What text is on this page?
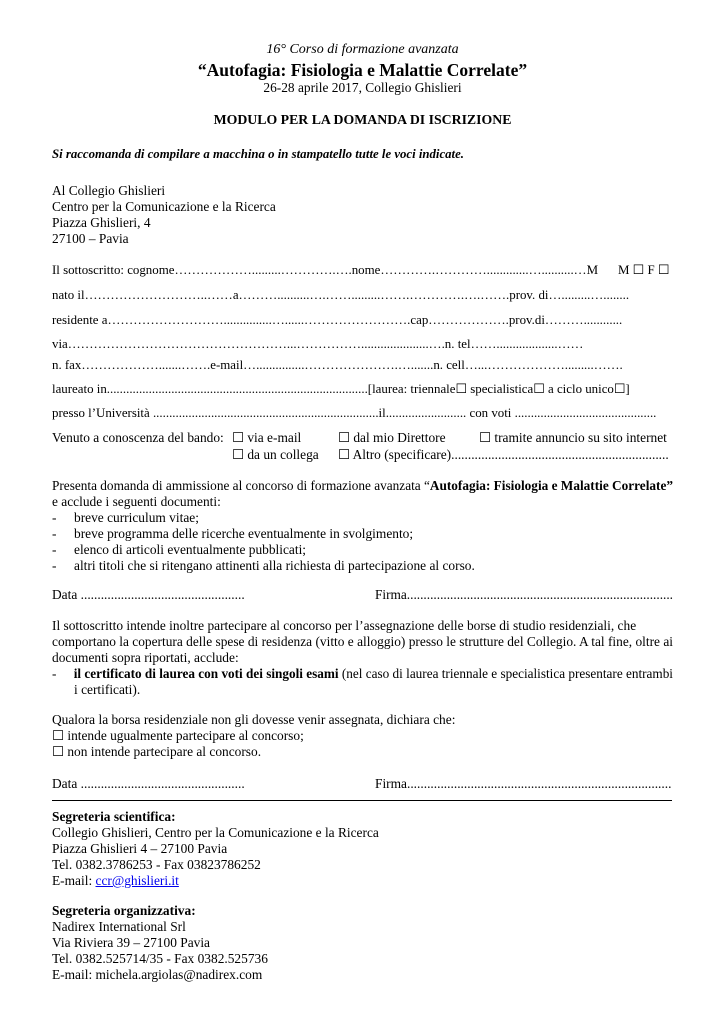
16° Corso di formazione avanzata
“Autofagia: Fisiologia e Malattie Correlate”
26-28 aprile 2017, Collegio Ghislieri
MODULO PER LA DOMANDA DI ISCRIZIONE
Si raccomanda di compilare a macchina o in stampatello tutte le voci indicate.
Al Collegio Ghislieri
Centro per la Comunicazione e la Ricerca
Piazza Ghislieri, 4
27100 – Pavia
Il sottoscritto: cognome……………….........………….….nome………….………….............…..........…M M ☐ F ☐
nato il………………………..……a………..........….…….........…….………….….…….prov. di….........…........
residente a………………………...............…......…………………….cap……………….prov.di………............
via……………………………………………...…………….....................….n. tel……...................……
n. fax……………….......…….e-mail…...............………………….….......n. cell…...……………….........…….
laureato in.................................................................................[laurea: triennale☐ specialistica☐ a ciclo unico☐]
presso l’Università ......................................................................il......................... con voti ............................................
Venuto a conoscenza del bando: ☐ via e-mail	☐ dal mio Direttore ☐ tramite annuncio su sito internet
☐ da un collega ☐ Altro (specificare).................................................................
Presenta domanda di ammissione al concorso di formazione avanzata “Autofagia: Fisiologia e Malattie Correlate”
e acclude i seguenti documenti:
- breve curriculum vitae;
- breve programma delle ricerche eventualmente in svolgimento;
- elenco di articoli eventualmente pubblicati;
- altri titoli che si ritengano attinenti alla richiesta di partecipazione al corso.
Data .................................................	Firma................................................................................
Il sottoscritto intende inoltre partecipare al concorso per l’assegnazione delle borse di studio residenziali, che
comportano la copertura delle spese di residenza (vitto e alloggio) presso le strutture del Collegio. A tal fine, oltre ai
documenti sopra riportati, acclude:
- il certificato di laurea con voti dei singoli esami (nel caso di laurea triennale e specialistica presentare entrambi
i certificati).
Qualora la borsa residenziale non gli dovesse venir assegnata, dichiara che:
☐ intende ugualmente partecipare al concorso;
☐ non intende partecipare al concorso.
Data .................................................	Firma...............................................................................
Segreteria scientifica:
Collegio Ghislieri, Centro per la Comunicazione e la Ricerca
Piazza Ghislieri 4 – 27100 Pavia
Tel. 0382.3786253 - Fax 03823786252
E-mail: ccr@ghislieri.it
Segreteria organizzativa:
Nadirex International Srl
Via Riviera 39 – 27100 Pavia
Tel. 0382.525714/35 - Fax 0382.525736
E-mail: michela.argiolas@nadirex.com
